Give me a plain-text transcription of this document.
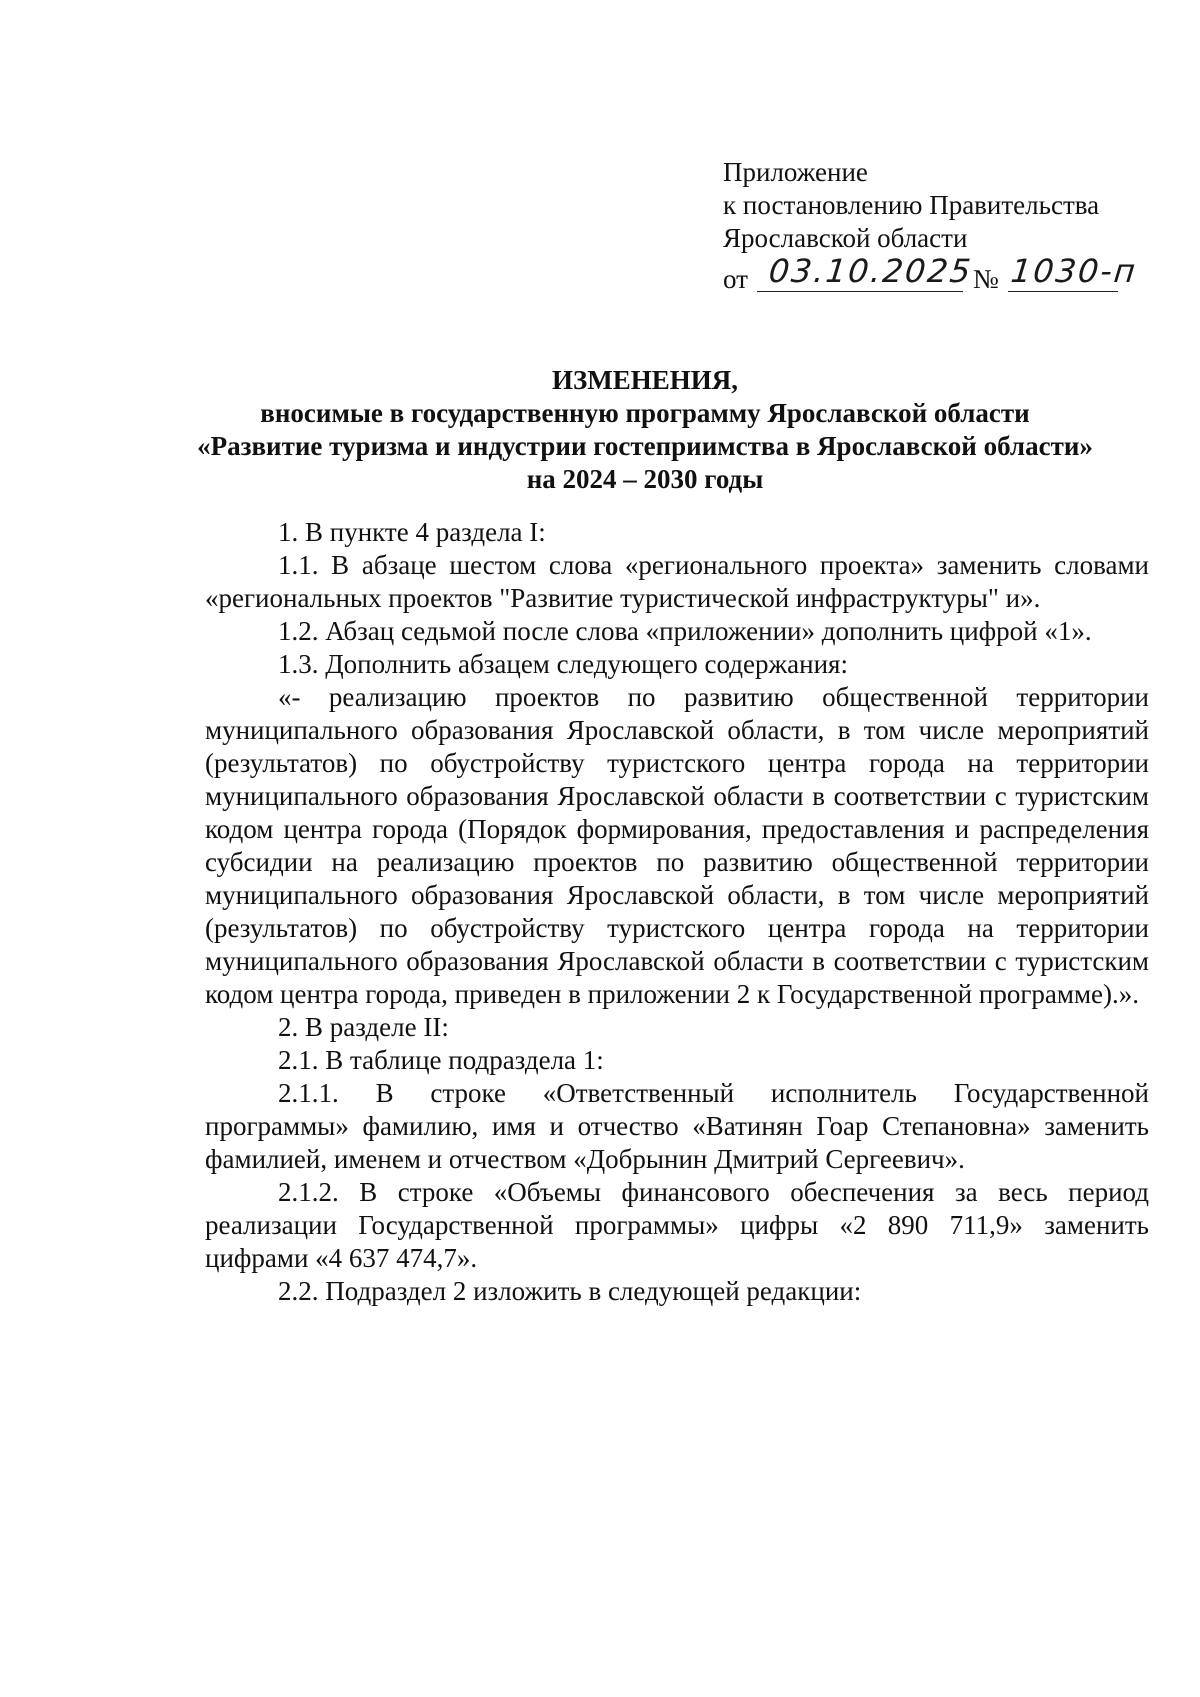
Приложение
к постановлению Правительства
Ярославской области
от 03.10.2025
№ 1030-п
ИЗМЕНЕНИЯ,
вносимые в государственную программу Ярославской области
«Развитие туризма и индустрии гостеприимства в Ярославской области»
на 2024 – 2030 годы

1. В пункте 4 раздела I:

1.1. В абзаце шестом слова «регионального проекта» заменить словами «региональных проектов "Развитие туристической инфраструктуры" и».

1.2. Абзац седьмой после слова «приложении» дополнить цифрой «1».

1.3. Дополнить абзацем следующего содержания:

«- реализацию проектов по развитию общественной территории муниципального образования Ярославской области, в том числе мероприятий (результатов) по обустройству туристского центра города на территории муниципального образования Ярославской области в соответствии с туристским кодом центра города (Порядок формирования, предоставления и распределения субсидии на реализацию проектов по развитию общественной территории муниципального образования Ярославской области, в том числе мероприятий (результатов) по обустройству туристского центра города на территории муниципального образования Ярославской области в соответствии с туристским кодом центра города, приведен в приложении 2 к Государственной программе).».

2. В разделе II:

2.1. В таблице подраздела 1:

2.1.1. В строке «Ответственный исполнитель Государственной программы» фамилию, имя и отчество «Ватинян Гоар Степановна» заменить фамилией, именем и отчеством «Добрынин Дмитрий Сергеевич».

2.1.2. В строке «Объемы финансового обеспечения за весь период реализации Государственной программы» цифры «2 890 711,9» заменить цифрами «4 637 474,7».

2.2. Подраздел 2 изложить в следующей редакции:
